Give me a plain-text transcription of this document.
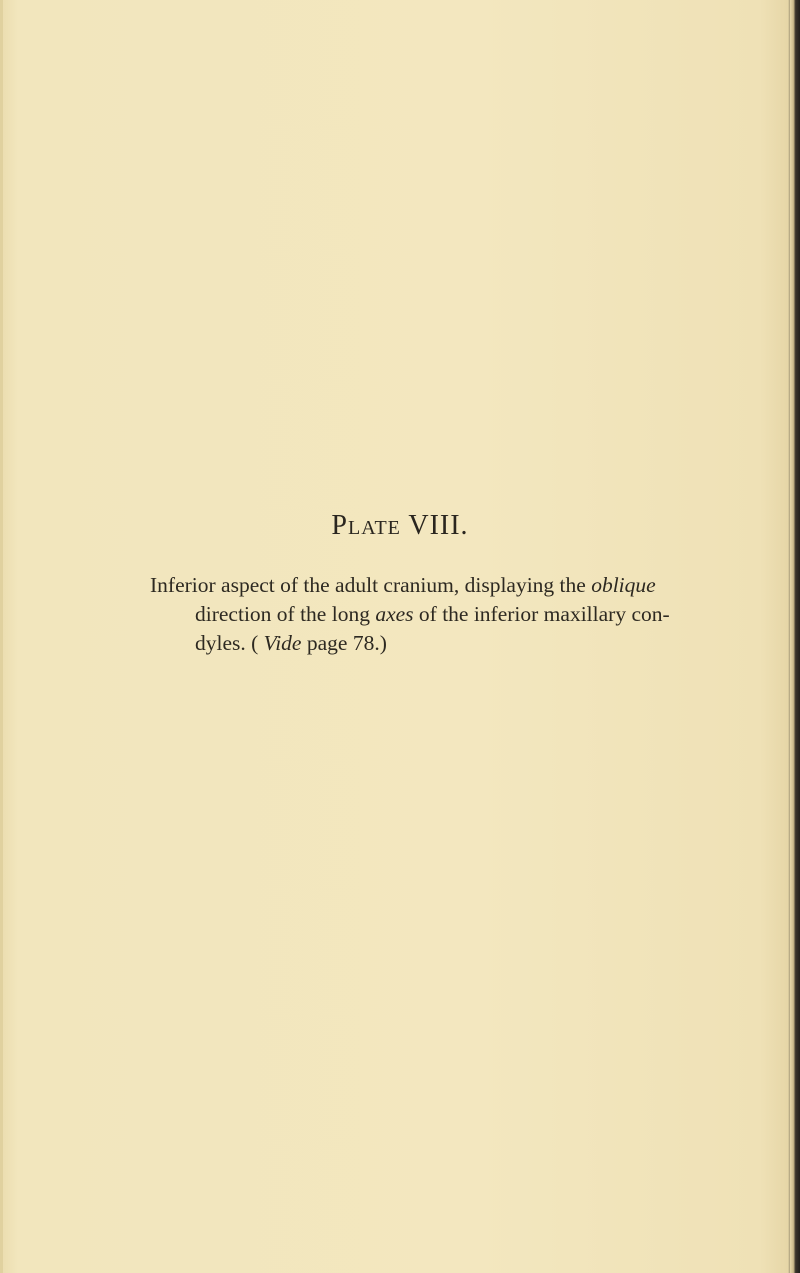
Plate VIII.
Inferior aspect of the adult cranium, displaying the oblique
direction of the long axes of the inferior maxillary con-
dyles. ( Vide page 78.)
